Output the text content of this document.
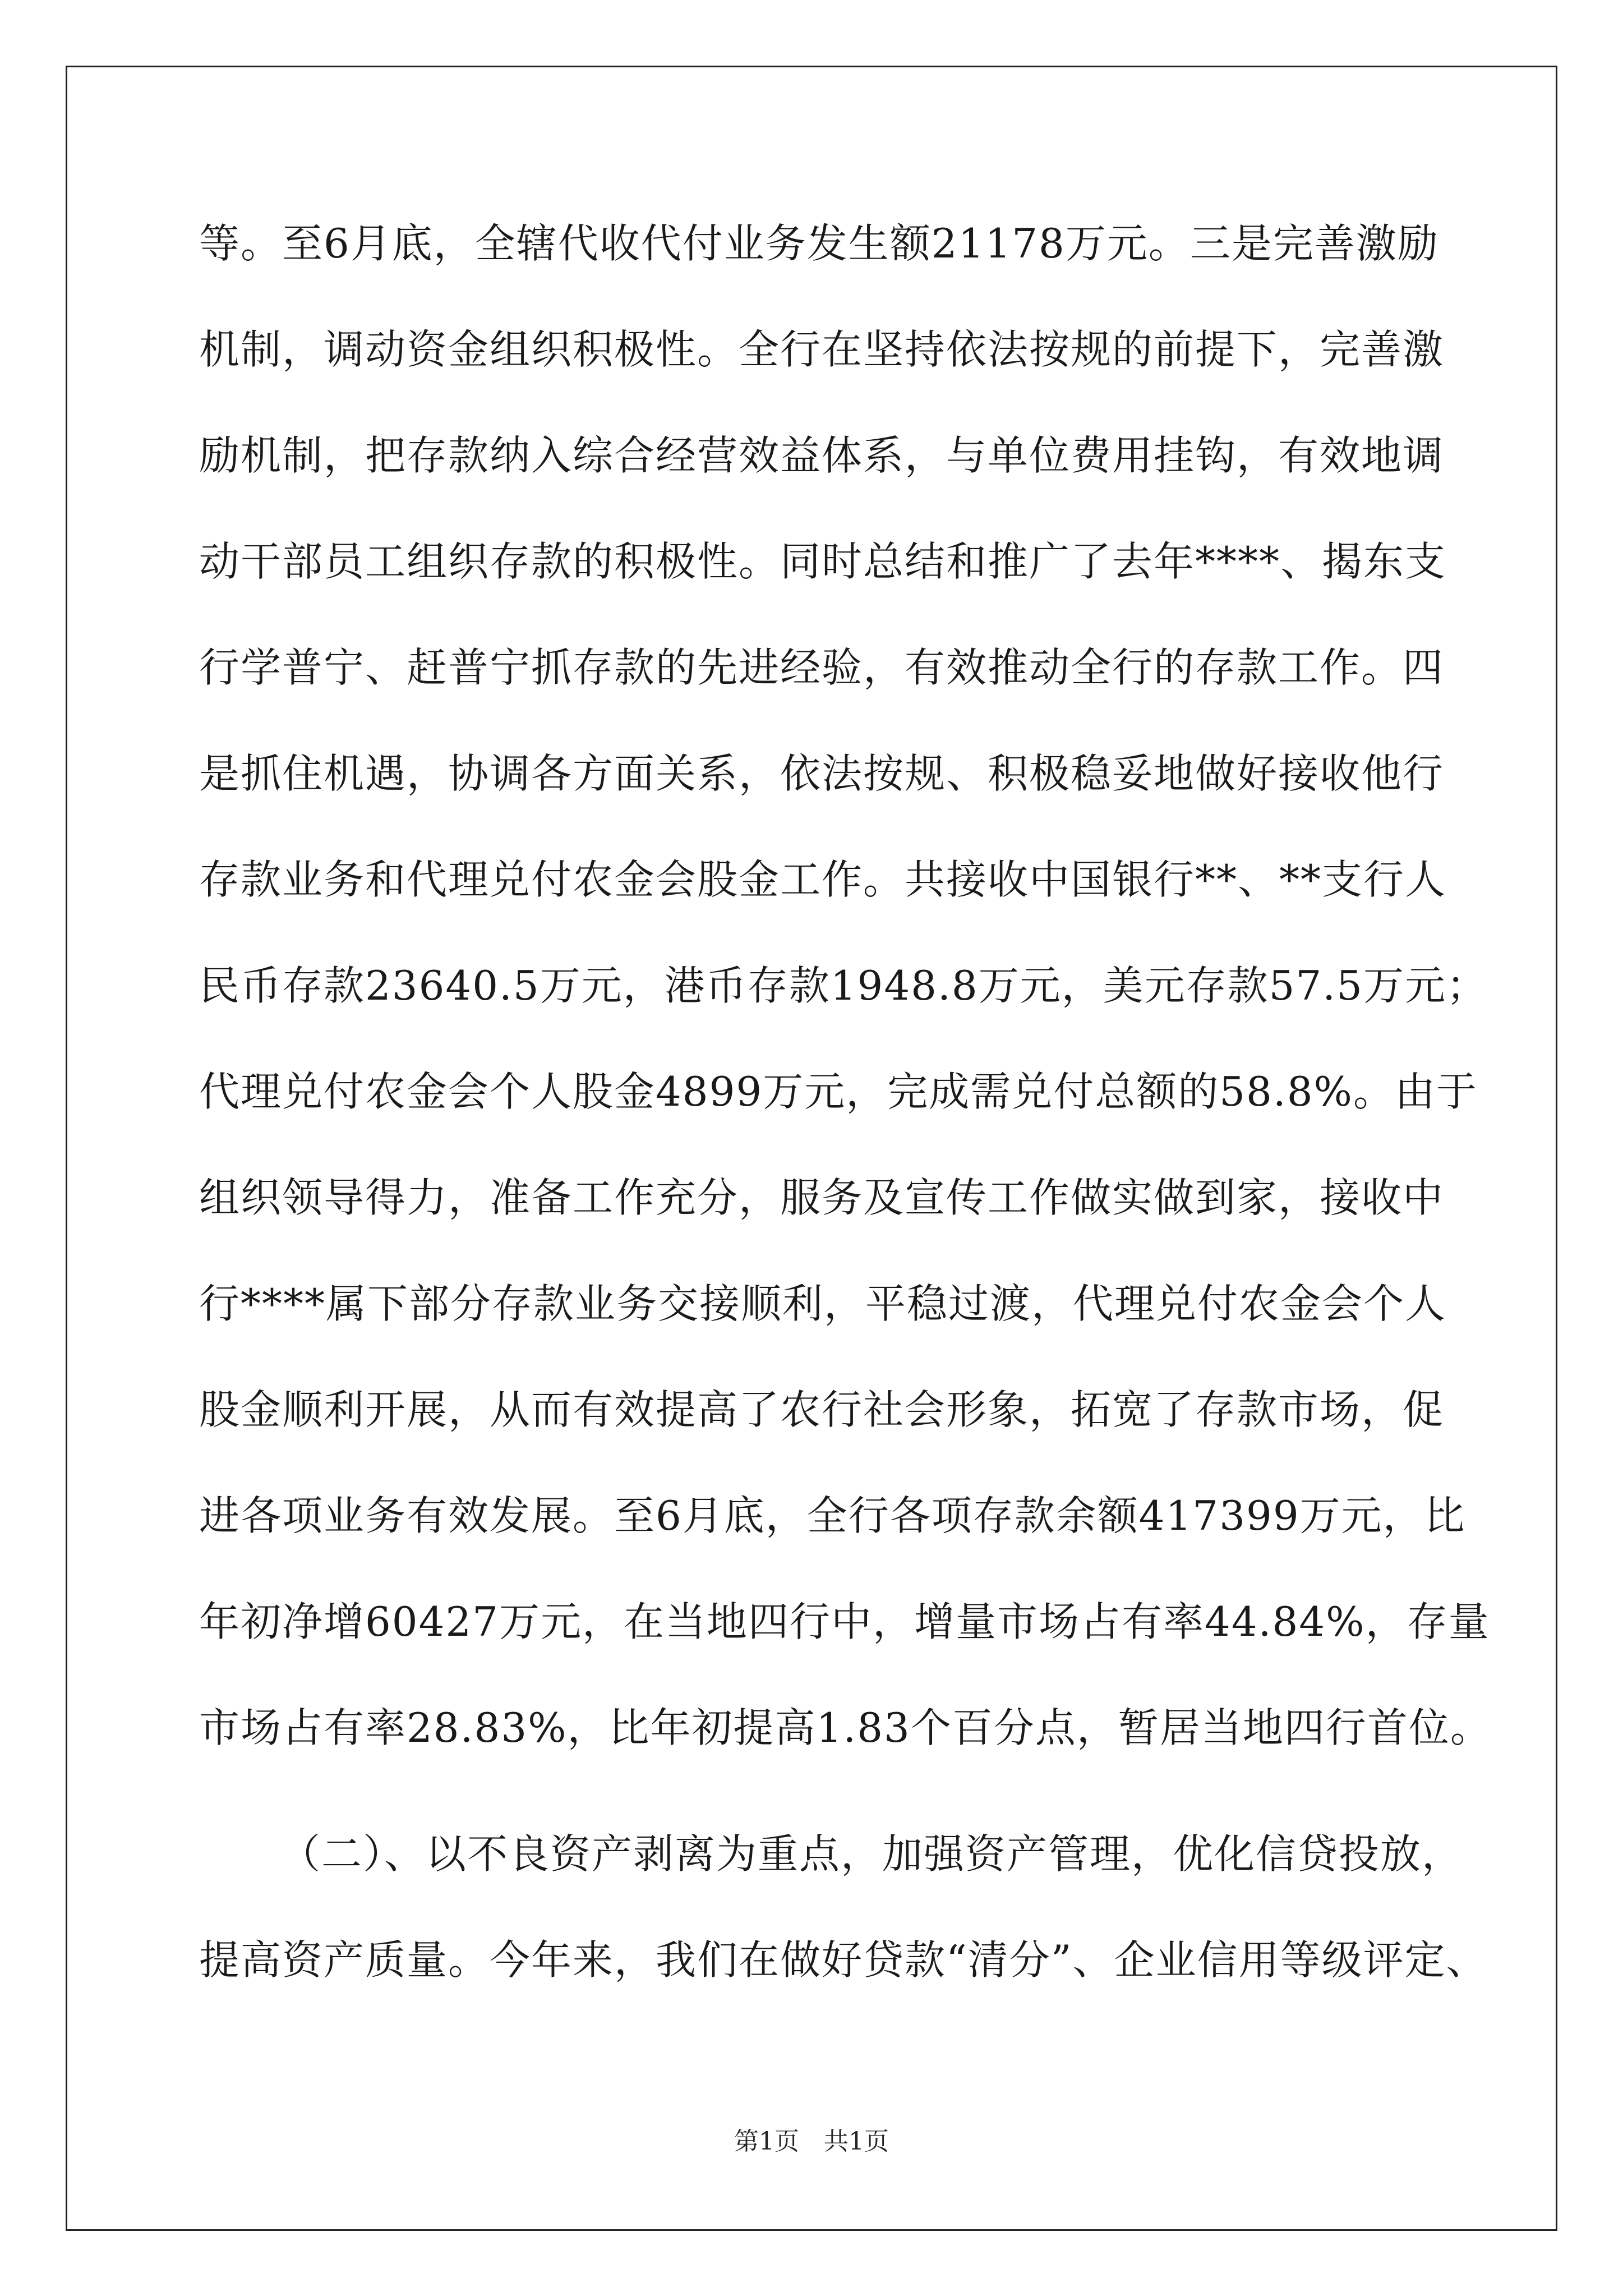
等。至6月底，全辖代收代付业务发生额21178万元。三是完善激励
机制，调动资金组织积极性。全行在坚持依法按规的前提下，完善激
励机制，把存款纳入综合经营效益体系，与单位费用挂钩，有效地调
动干部员工组织存款的积极性。同时总结和推广了去年****、揭东支
行学普宁、赶普宁抓存款的先进经验，有效推动全行的存款工作。四
是抓住机遇，协调各方面关系，依法按规、积极稳妥地做好接收他行
存款业务和代理兑付农金会股金工作。共接收中国银行**、**支行人
民币存款23640.5万元，港币存款1948.8万元，美元存款57.5万元；
代理兑付农金会个人股金4899万元，完成需兑付总额的58.8%。由于
组织领导得力，准备工作充分，服务及宣传工作做实做到家，接收中
行****属下部分存款业务交接顺利，平稳过渡，代理兑付农金会个人
股金顺利开展，从而有效提高了农行社会形象，拓宽了存款市场，促
进各项业务有效发展。至6月底，全行各项存款余额417399万元，比
年初净增60427万元，在当地四行中，增量市场占有率44.84%，存量
市场占有率28.83%，比年初提高1.83个百分点，暂居当地四行首位。
（二）、以不良资产剥离为重点，加强资产管理，优化信贷投放，
提高资产质量。今年来，我们在做好贷款“清分”、企业信用等级评定、
第1页　共1页
